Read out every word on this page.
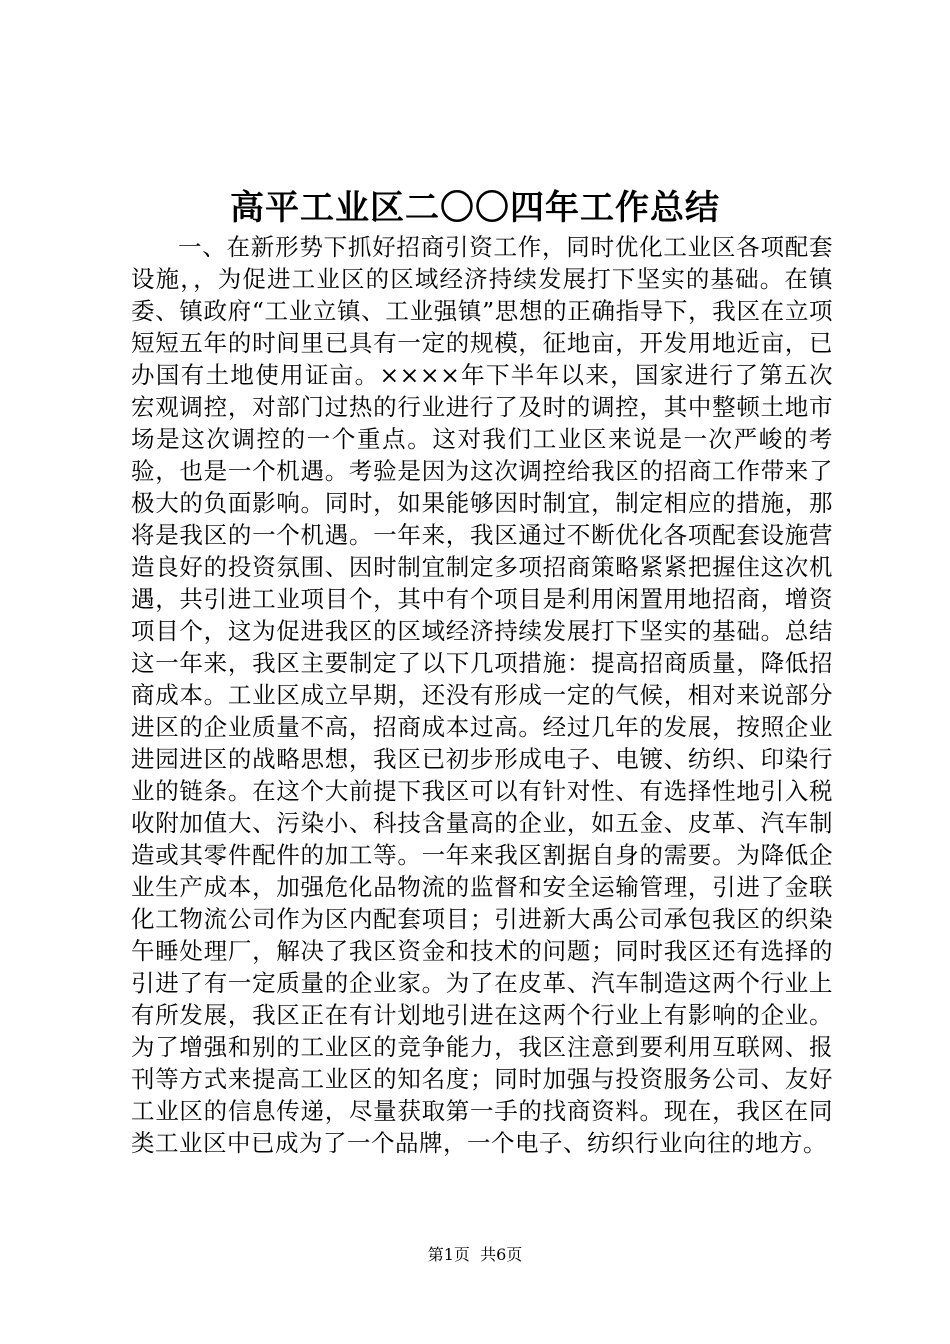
高平工业区二〇〇四年工作总结

一、在新形势下抓好招商引资工作，同时优化工业区各项配套设施，，为促进工业区的区域经济持续发展打下坚实的基础。在镇委、镇政府“工业立镇、工业强镇”思想的正确指导下，我区在立项短短五年的时间里已具有一定的规模，征地亩，开发用地近亩，已办国有土地使用证亩。××××年下半年以来，国家进行了第五次宏观调控，对部门过热的行业进行了及时的调控，其中整顿土地市场是这次调控的一个重点。这对我们工业区来说是一次严峻的考验，也是一个机遇。考验是因为这次调控给我区的招商工作带来了极大的负面影响。同时，如果能够因时制宜，制定相应的措施，那将是我区的一个机遇。一年来，我区通过不断优化各项配套设施营造良好的投资氛围、因时制宜制定多项招商策略紧紧把握住这次机遇，共引进工业项目个，其中有个项目是利用闲置用地招商，增资项目个，这为促进我区的区域经济持续发展打下坚实的基础。总结这一年来，我区主要制定了以下几项措施：提高招商质量，降低招商成本。工业区成立早期，还没有形成一定的气候，相对来说部分进区的企业质量不高，招商成本过高。经过几年的发展，按照企业进园进区的战略思想，我区已初步形成电子、电镀、纺织、印染行业的链条。在这个大前提下我区可以有针对性、有选择性地引入税收附加值大、污染小、科技含量高的企业，如五金、皮革、汽车制造或其零件配件的加工等。一年来我区割据自身的需要。为降低企业生产成本，加强危化品物流的监督和安全运输管理，引进了金联化工物流公司作为区内配套项目；引进新大禹公司承包我区的织染午睡处理厂，解决了我区资金和技术的问题；同时我区还有选择的引进了有一定质量的企业家。为了在皮革、汽车制造这两个行业上有所发展，我区正在有计划地引进在这两个行业上有影响的企业。为了增强和别的工业区的竞争能力，我区注意到要利用互联网、报刊等方式来提高工业区的知名度；同时加强与投资服务公司、友好工业区的信息传递，尽量获取第一手的找商资料。现在，我区在同类工业区中已成为了一个品牌，一个电子、纺织行业向往的地方。

第1页 共6页
